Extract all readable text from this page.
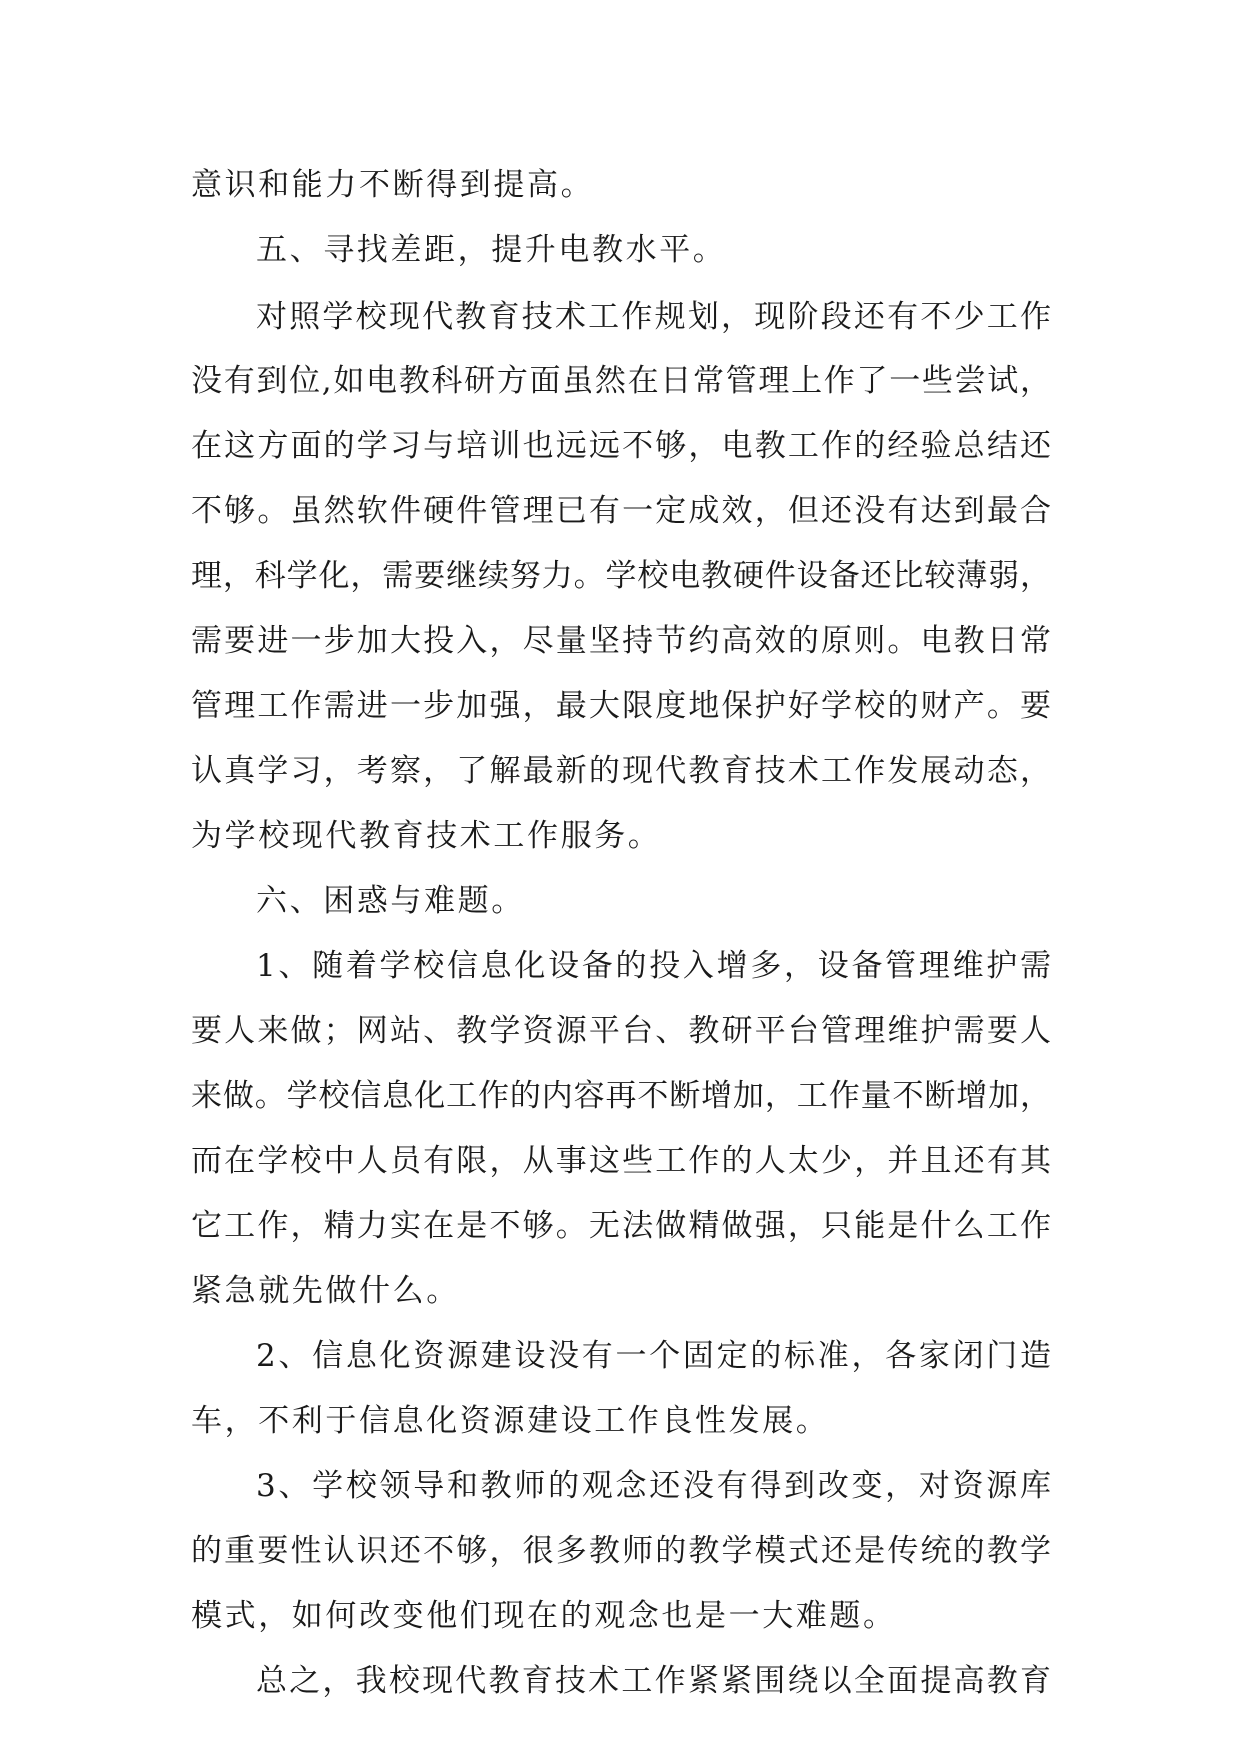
意识和能力不断得到提高。
五、寻找差距，提升电教水平。
对照学校现代教育技术工作规划，现阶段还有不少工作
没有到位,如电教科研方面虽然在日常管理上作了一些尝试，
在这方面的学习与培训也远远不够，电教工作的经验总结还
不够。虽然软件硬件管理已有一定成效，但还没有达到最合
理，科学化，需要继续努力。学校电教硬件设备还比较薄弱，
需要进一步加大投入，尽量坚持节约高效的原则。电教日常
管理工作需进一步加强，最大限度地保护好学校的财产。要
认真学习，考察，了解最新的现代教育技术工作发展动态，
为学校现代教育技术工作服务。
六、困惑与难题。
1、随着学校信息化设备的投入增多，设备管理维护需
要人来做；网站、教学资源平台、教研平台管理维护需要人
来做。学校信息化工作的内容再不断增加，工作量不断增加，
而在学校中人员有限，从事这些工作的人太少，并且还有其
它工作，精力实在是不够。无法做精做强，只能是什么工作
紧急就先做什么。
2、信息化资源建设没有一个固定的标准，各家闭门造
车，不利于信息化资源建设工作良性发展。
3、学校领导和教师的观念还没有得到改变，对资源库
的重要性认识还不够，很多教师的教学模式还是传统的教学
模式，如何改变他们现在的观念也是一大难题。
总之，我校现代教育技术工作紧紧围绕以全面提高教育
